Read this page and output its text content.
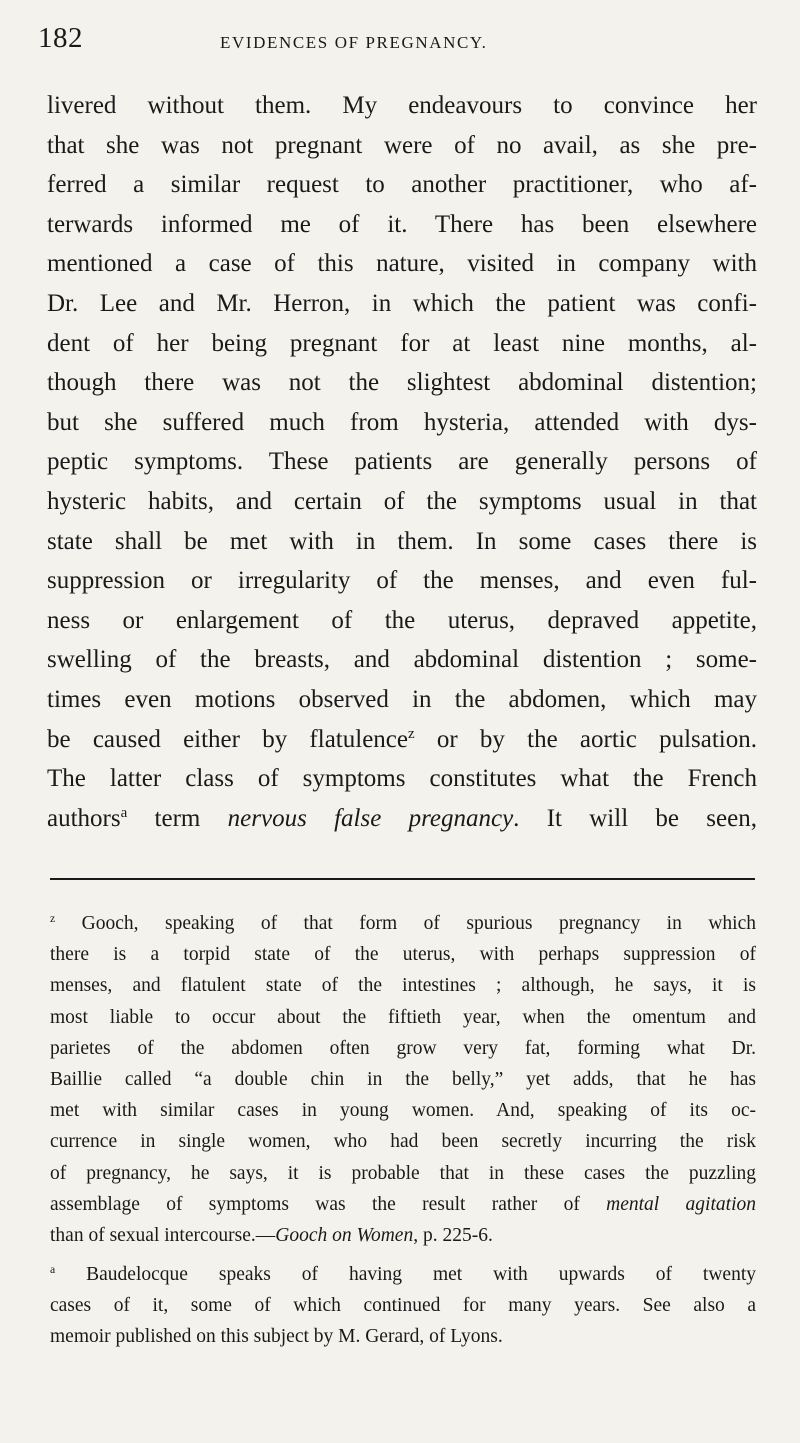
182	EVIDENCES OF PREGNANCY.
livered without them. My endeavours to convince her
that she was not pregnant were of no avail, as she pre-
ferred a similar request to another practitioner, who af-
terwards informed me of it. There has been elsewhere
mentioned a case of this nature, visited in company with
Dr. Lee and Mr. Herron, in which the patient was confi-
dent of her being pregnant for at least nine months, al-
though there was not the slightest abdominal distention;
but she suffered much from hysteria, attended with dys-
peptic symptoms. These patients are generally persons of
hysteric habits, and certain of the symptoms usual in that
state shall be met with in them. In some cases there is
suppression or irregularity of the menses, and even ful-
ness or enlargement of the uterus, depraved appetite,
swelling of the breasts, and abdominal distention ; some-
times even motions observed in the abdomen, which may
be caused either by flatulence$^z$ or by the aortic pulsation.
The latter class of symptoms constitutes what the French
authors$^a$ term nervous false pregnancy. It will be seen,
$^z$ Gooch, speaking of that form of spurious pregnancy in which
there is a torpid state of the uterus, with perhaps suppression of
menses, and flatulent state of the intestines ; although, he says, it is
most liable to occur about the fiftieth year, when the omentum and
parietes of the abdomen often grow very fat, forming what Dr.
Baillie called “a double chin in the belly,” yet adds, that he has
met with similar cases in young women. And, speaking of its oc-
currence in single women, who had been secretly incurring the risk
of pregnancy, he says, it is probable that in these cases the puzzling
assemblage of symptoms was the result rather of mental agitation
than of sexual intercourse.—Gooch on Women, p. 225-6.
$^a$ Baudelocque speaks of having met with upwards of twenty
cases of it, some of which continued for many years. See also a
memoir published on this subject by M. Gerard, of Lyons.
